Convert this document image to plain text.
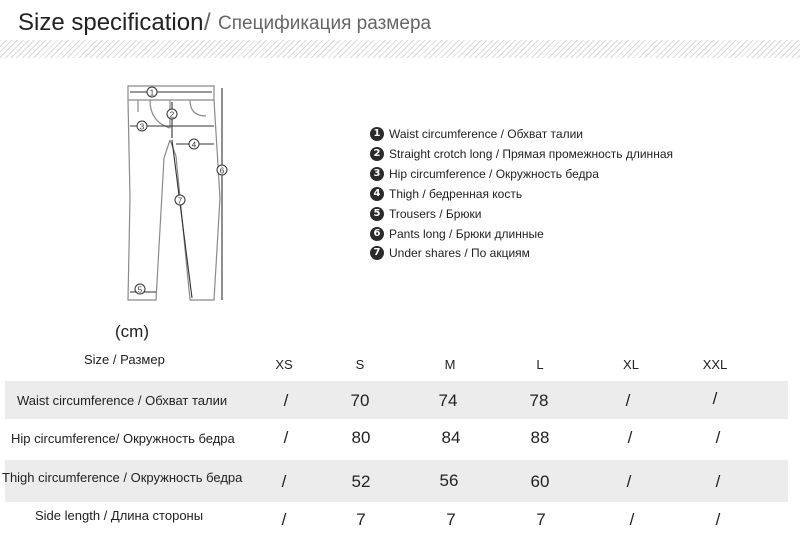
Size specification / Спецификация размера
1
2
3
4
5
6
7
1 Waist circumference / Обхват талии
2 Straight crotch long / Прямая промежность длинная
3 Hip circumference / Окружность бедра
4 Thigh / бедренная кость
5 Trousers / Брюки
6 Pants long / Брюки длинные
7 Under shares / По акциям
(cm)
Size / Размер	XS	S	M	L	XL	XXL
Waist circumference / Обхват талии	/	70	74	78	/	/
Hip circumference/ Окружность бедра	/	80	84	88	/	/
Thigh circumference / Окружность бедра	/	52	56	60	/	/
Side length / Длина стороны	/	7	7	7	/	/
